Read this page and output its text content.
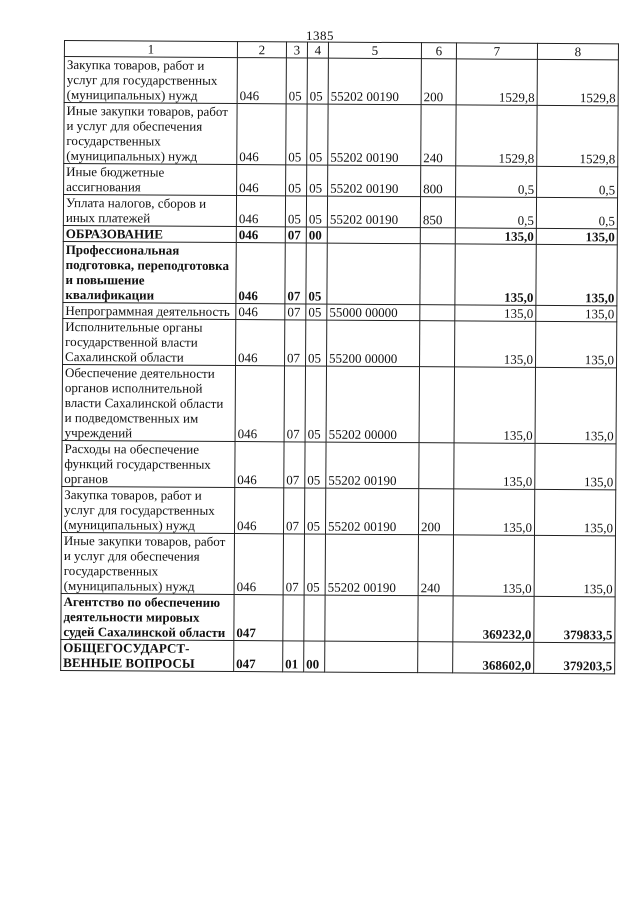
1385
1	2	3	4	5	6	7	8
Закупка товаров, работ и услуг для государственных (муниципальных) нужд	046	05	05	55202 00190	200	1529,8	1529,8
Иные закупки товаров, работ и услуг для обеспечения государственных (муниципальных) нужд	046	05	05	55202 00190	240	1529,8	1529,8
Иные бюджетные ассигнования	046	05	05	55202 00190	800	0,5	0,5
Уплата налогов, сборов и иных платежей	046	05	05	55202 00190	850	0,5	0,5
ОБРАЗОВАНИЕ	046	07	00			135,0	135,0
Профессиональная подготовка, переподготовка и повышение квалификации	046	07	05			135,0	135,0
Непрограммная деятельность	046	07	05	55000 00000		135,0	135,0
Исполнительные органы государственной власти Сахалинской области	046	07	05	55200 00000		135,0	135,0
Обеспечение деятельности органов исполнительной власти Сахалинской области и подведомственных им учреждений	046	07	05	55202 00000		135,0	135,0
Расходы на обеспечение функций государственных органов	046	07	05	55202 00190		135,0	135,0
Закупка товаров, работ и услуг для государственных (муниципальных) нужд	046	07	05	55202 00190	200	135,0	135,0
Иные закупки товаров, работ и услуг для обеспечения государственных (муниципальных) нужд	046	07	05	55202 00190	240	135,0	135,0
Агентство по обеспечению деятельности мировых судей Сахалинской области	047					369232,0	379833,5
ОБЩЕГОСУДАРСТ-ВЕННЫЕ ВОПРОСЫ	047	01	00			368602,0	379203,5
